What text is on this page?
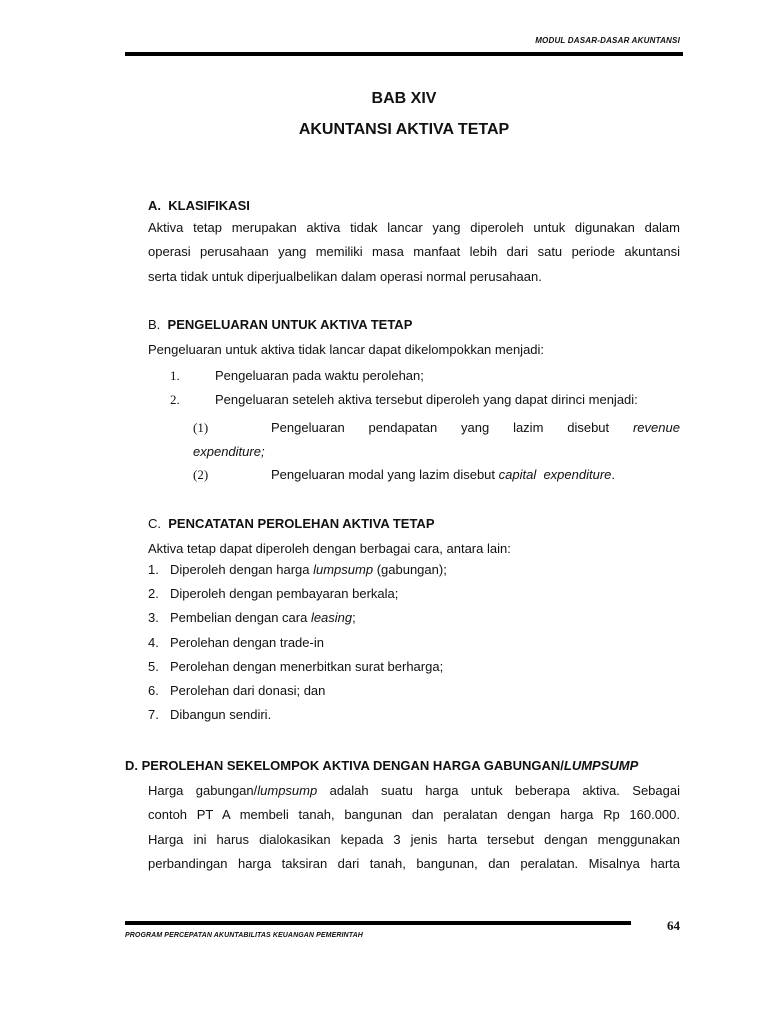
MODUL DASAR-DASAR AKUNTANSI
BAB XIV
AKUNTANSI AKTIVA TETAP
A. KLASIFIKASI
Aktiva tetap merupakan aktiva tidak lancar yang diperoleh untuk digunakan dalam
operasi perusahaan yang memiliki masa manfaat lebih dari satu periode akuntansi
serta tidak untuk diperjualbelikan dalam operasi normal perusahaan.
B. PENGELUARAN UNTUK AKTIVA TETAP
Pengeluaran untuk aktiva tidak lancar dapat dikelompokkan menjadi:
1.	Pengeluaran pada waktu perolehan;
2.	Pengeluaran seteleh aktiva tersebut diperoleh yang dapat dirinci menjadi:
(1)	Pengeluaran pendapatan yang lazim disebut revenue
expenditure;
(2)	Pengeluaran modal yang lazim disebut capital  expenditure.
C. PENCATATAN PEROLEHAN AKTIVA TETAP
Aktiva tetap dapat diperoleh dengan berbagai cara, antara lain:
1. Diperoleh dengan harga lumpsump (gabungan);
2. Diperoleh dengan pembayaran berkala;
3. Pembelian dengan cara leasing;
4. Perolehan dengan trade-in
5. Perolehan dengan menerbitkan surat berharga;
6. Perolehan dari donasi; dan
7. Dibangun sendiri.
D. PEROLEHAN SEKELOMPOK AKTIVA DENGAN HARGA GABUNGAN/LUMPSUMP
Harga gabungan/lumpsump adalah suatu harga untuk beberapa aktiva. Sebagai
contoh PT A membeli tanah, bangunan dan peralatan dengan harga Rp 160.000.
Harga ini harus dialokasikan kepada 3 jenis harta tersebut dengan menggunakan
perbandingan harga taksiran dari tanah, bangunan, dan peralatan. Misalnya harta
64
PROGRAM PERCEPATAN AKUNTABILITAS KEUANGAN PEMERINTAH
